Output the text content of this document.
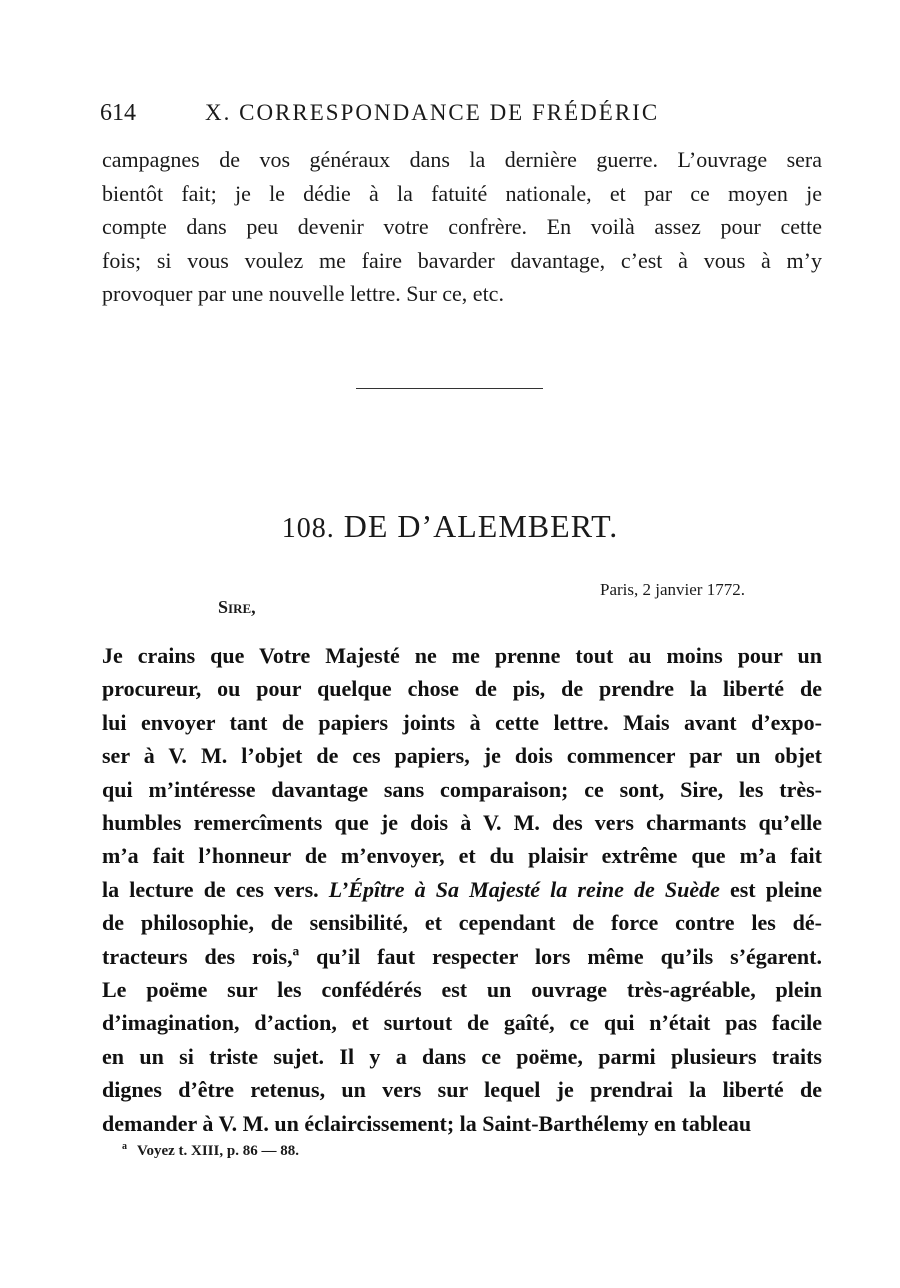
614	X. CORRESPONDANCE DE FRÉDÉRIC
campagnes de vos généraux dans la dernière guerre. L’ouvrage sera
bientôt fait; je le dédie à la fatuité nationale, et par ce moyen je
compte dans peu devenir votre confrère. En voilà assez pour cette
fois; si vous voulez me faire bavarder davantage, c’est à vous à m’y
provoquer par une nouvelle lettre. Sur ce, etc.
108. DE D’ALEMBERT.
Paris, 2 janvier 1772.
Sire,
Je crains que Votre Majesté ne me prenne tout au moins pour un
procureur, ou pour quelque chose de pis, de prendre la liberté de
lui envoyer tant de papiers joints à cette lettre. Mais avant d’expo-
ser à V. M. l’objet de ces papiers, je dois commencer par un objet
qui m’intéresse davantage sans comparaison; ce sont, Sire, les très-
humbles remercîments que je dois à V. M. des vers charmants qu’elle
m’a fait l’honneur de m’envoyer, et du plaisir extrême que m’a fait
la lecture de ces vers. L’Épître à Sa Majesté la reine de Suède est pleine
de philosophie, de sensibilité, et cependant de force contre les dé-
tracteurs des rois,ª qu’il faut respecter lors même qu’ils s’égarent.
Le poëme sur les confédérés est un ouvrage très-agréable, plein
d’imagination, d’action, et surtout de gaîté, ce qui n’était pas facile
en un si triste sujet. Il y a dans ce poëme, parmi plusieurs traits
dignes d’être retenus, un vers sur lequel je prendrai la liberté de
demander à V. M. un éclaircissement; la Saint-Barthélemy en tableau
$^a$ Voyez t. XIII, p. 86 — 88.
